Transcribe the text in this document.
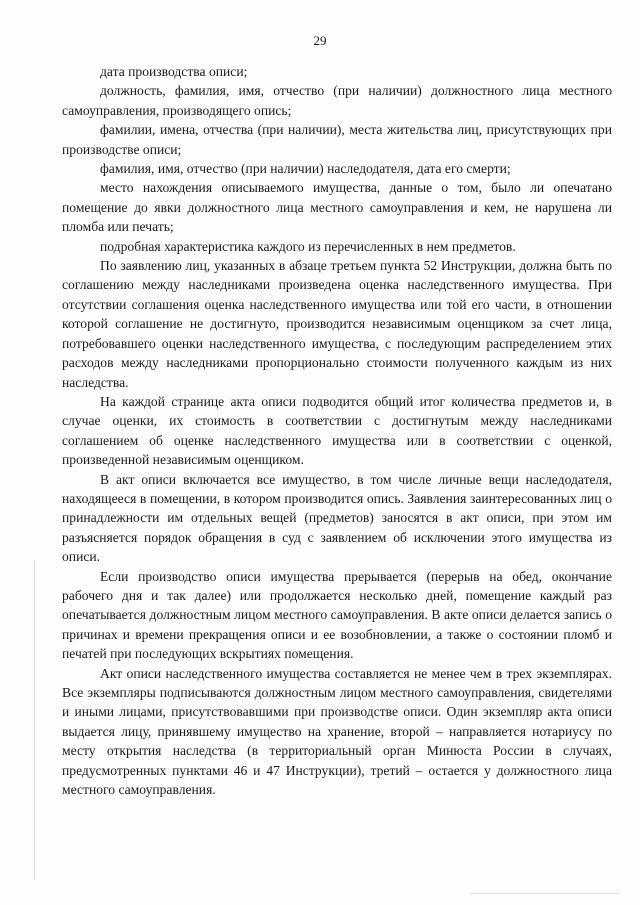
29

дата производства описи;

должность, фамилия, имя, отчество (при наличии) должностного лица местного самоуправления, производящего опись;

фамилии, имена, отчества (при наличии), места жительства лиц, присутствующих при производстве описи;

фамилия, имя, отчество (при наличии) наследодателя, дата его смерти;

место нахождения описываемого имущества, данные о том, было ли опечатано помещение до явки должностного лица местного самоуправления и кем, не нарушена ли пломба или печать;

подробная характеристика каждого из перечисленных в нем предметов.

По заявлению лиц, указанных в абзаце третьем пункта 52 Инструкции, должна быть по соглашению между наследниками произведена оценка наследственного имущества. При отсутствии соглашения оценка наследственного имущества или той его части, в отношении которой соглашение не достигнуто, производится независимым оценщиком за счет лица, потребовавшего оценки наследственного имущества, с последующим распределением этих расходов между наследниками пропорционально стоимости полученного каждым из них наследства.

На каждой странице акта описи подводится общий итог количества предметов и, в случае оценки, их стоимость в соответствии с достигнутым между наследниками соглашением об оценке наследственного имущества или в соответствии с оценкой, произведенной независимым оценщиком.

В акт описи включается все имущество, в том числе личные вещи наследодателя, находящееся в помещении, в котором производится опись. Заявления заинтересованных лиц о принадлежности им отдельных вещей (предметов) заносятся в акт описи, при этом им разъясняется порядок обращения в суд с заявлением об исключении этого имущества из описи.

Если производство описи имущества прерывается (перерыв на обед, окончание рабочего дня и так далее) или продолжается несколько дней, помещение каждый раз опечатывается должностным лицом местного самоуправления. В акте описи делается запись о причинах и времени прекращения описи и ее возобновлении, а также о состоянии пломб и печатей при последующих вскрытиях помещения.

Акт описи наследственного имущества составляется не менее чем в трех экземплярах. Все экземпляры подписываются должностным лицом местного самоуправления, свидетелями и иными лицами, присутствовавшими при производстве описи. Один экземпляр акта описи выдается лицу, принявшему имущество на хранение, второй – направляется нотариусу по месту открытия наследства (в территориальный орган Минюста России в случаях, предусмотренных пунктами 46 и 47 Инструкции), третий – остается у должностного лица местного самоуправления.
